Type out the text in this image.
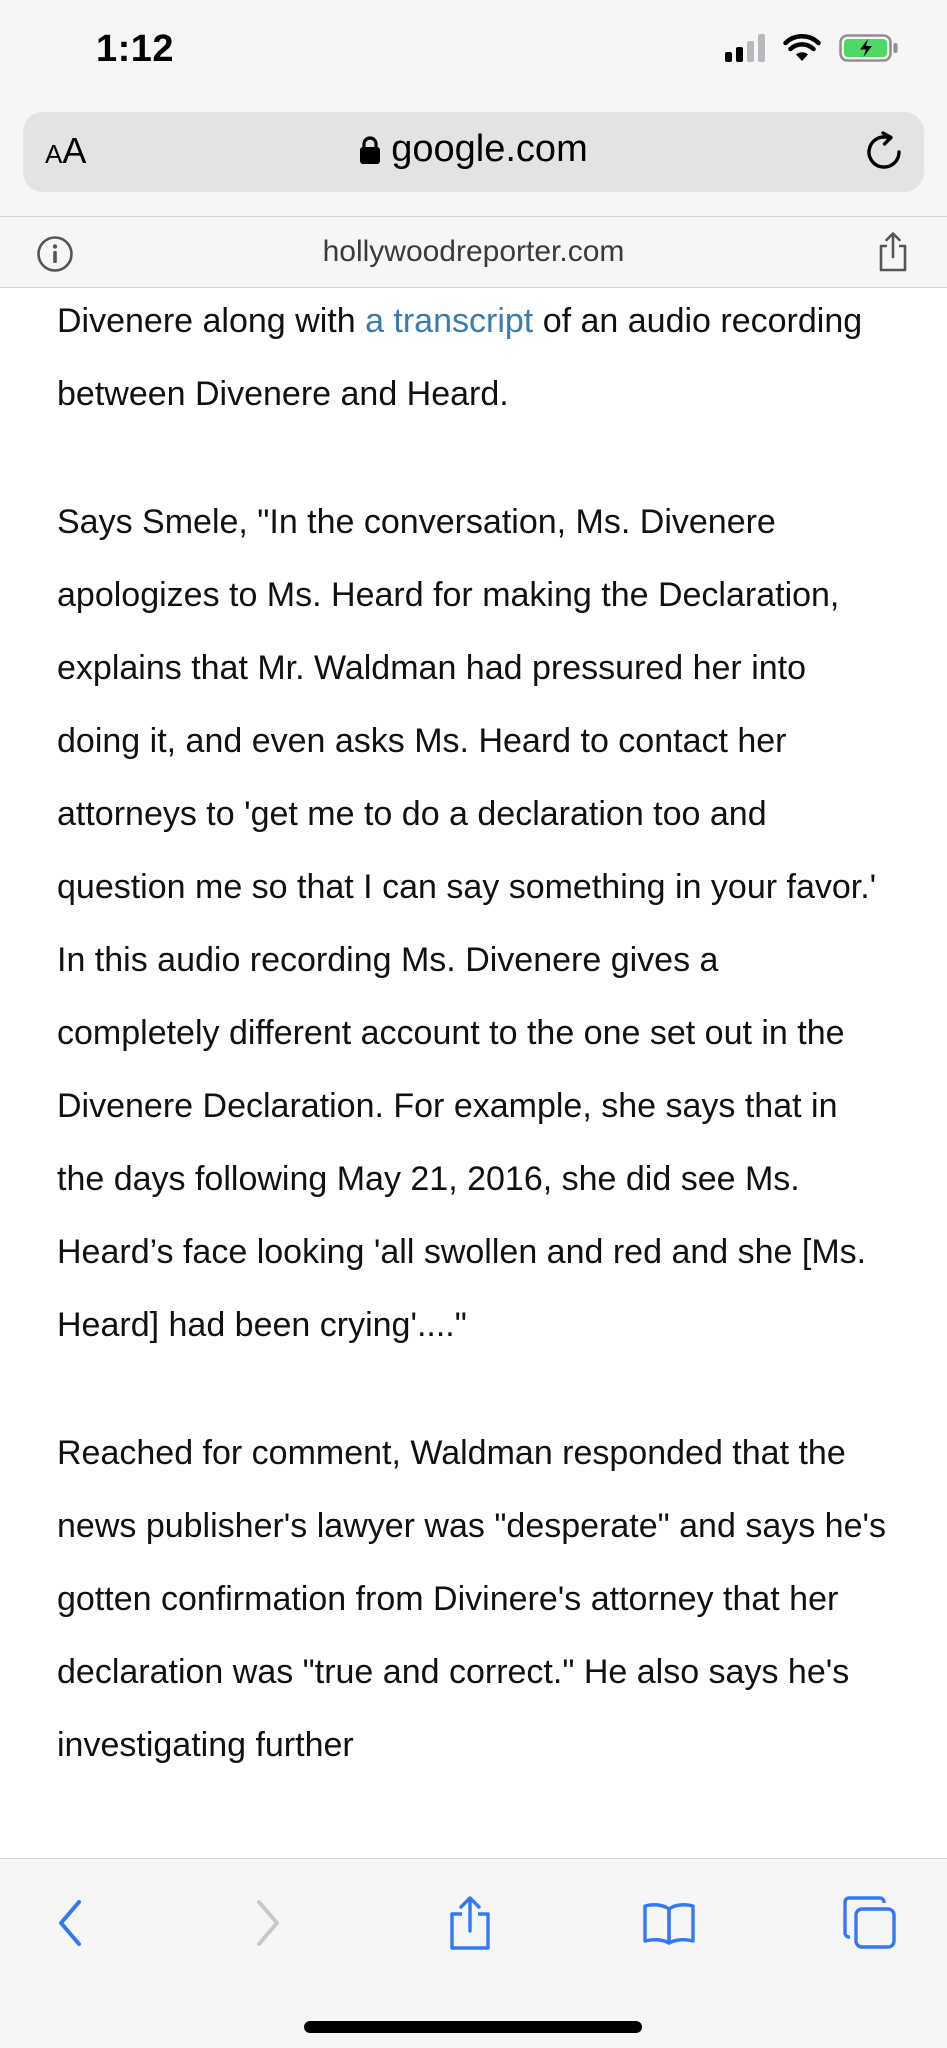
1:12
A A	google.com
hollywoodreporter.com

Divenere along with a transcript of an audio recording between Divenere and Heard.

Says Smele, "In the conversation, Ms. Divenere apologizes to Ms. Heard for making the Declaration, explains that Mr. Waldman had pressured her into doing it, and even asks Ms. Heard to contact her attorneys to 'get me to do a declaration too and question me so that I can say something in your favor.' In this audio recording Ms. Divenere gives a completely different account to the one set out in the Divenere Declaration. For example, she says that in the days following May 21, 2016, she did see Ms. Heard’s face looking 'all swollen and red and she [Ms. Heard] had been crying'...."

Reached for comment, Waldman responded that the news publisher's lawyer was "desperate" and says he's gotten confirmation from Divinere's attorney that her declaration was "true and correct." He also says he's investigating further
